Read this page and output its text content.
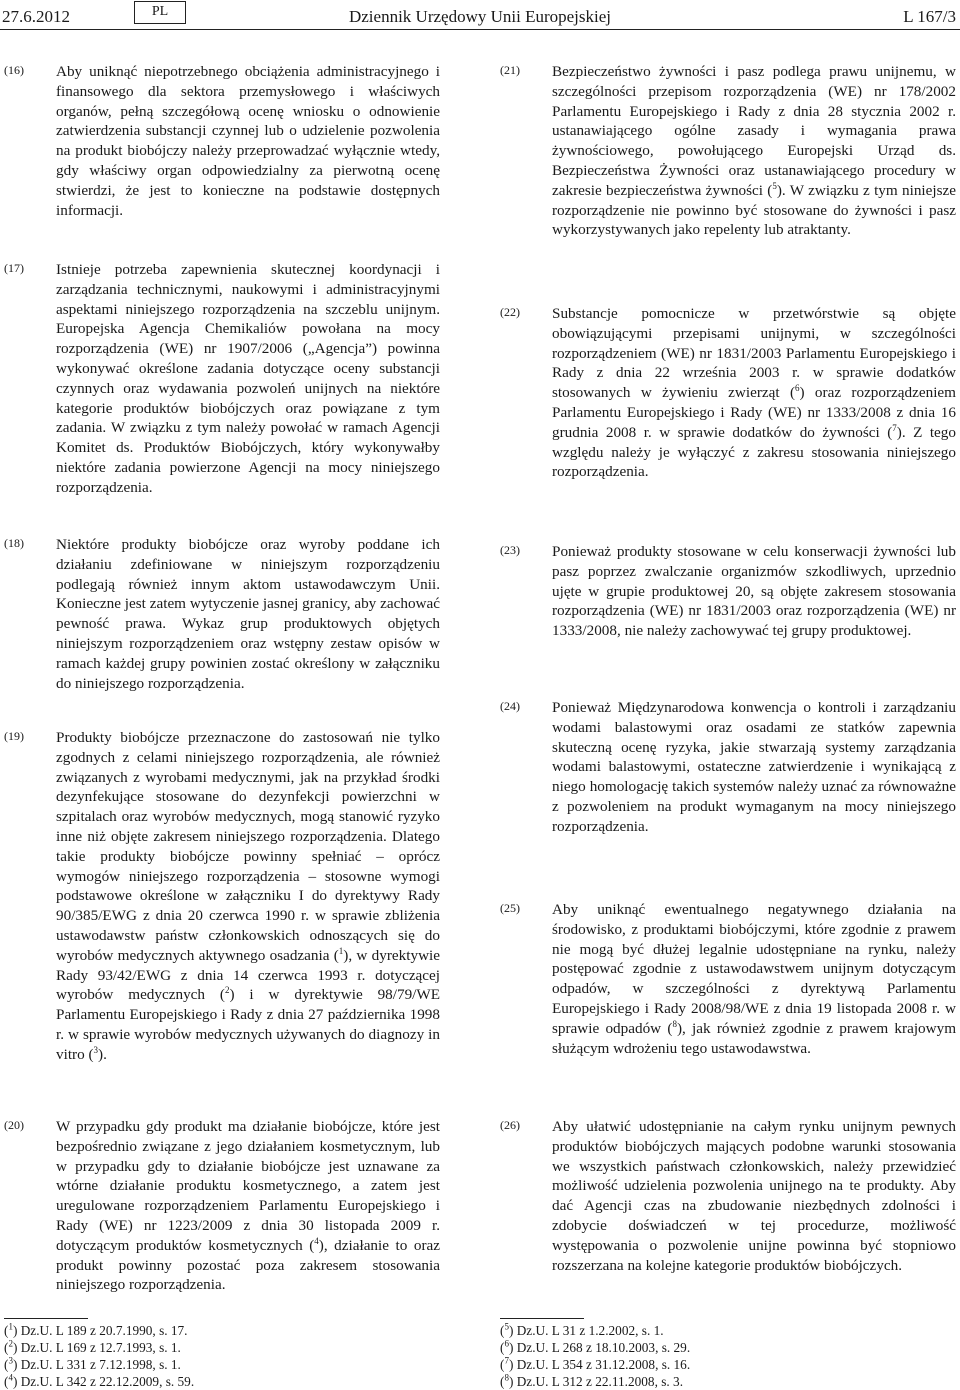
27.6.2012	PL	Dziennik Urzędowy Unii Europejskiej	L 167/3
(16) Aby uniknąć niepotrzebnego obciążenia administracyjnego i finansowego dla sektora przemysłowego i właściwych organów, pełną szczegółową ocenę wniosku o odnowienie zatwierdzenia substancji czynnej lub o udzielenie pozwolenia na produkt biobójczy należy przeprowadzać wyłącznie wtedy, gdy właściwy organ odpowiedzialny za pierwotną ocenę stwierdzi, że jest to konieczne na podstawie dostępnych informacji.
(17) Istnieje potrzeba zapewnienia skutecznej koordynacji i zarządzania technicznymi, naukowymi i administracyjnymi aspektami niniejszego rozporządzenia na szczeblu unijnym. Europejska Agencja Chemikaliów powołana na mocy rozporządzenia (WE) nr 1907/2006 („Agencja”) powinna wykonywać określone zadania dotyczące oceny substancji czynnych oraz wydawania pozwoleń unijnych na niektóre kategorie produktów biobójczych oraz powiązane z tym zadania. W związku z tym należy powołać w ramach Agencji Komitet ds. Produktów Biobójczych, który wykonywałby niektóre zadania powierzone Agencji na mocy niniejszego rozporządzenia.
(18) Niektóre produkty biobójcze oraz wyroby poddane ich działaniu zdefiniowane w niniejszym rozporządzeniu podlegają również innym aktom ustawodawczym Unii. Konieczne jest zatem wytyczenie jasnej granicy, aby zachować pewność prawa. Wykaz grup produktowych objętych niniejszym rozporządzeniem oraz wstępny zestaw opisów w ramach każdej grupy powinien zostać określony w załączniku do niniejszego rozporządzenia.
(19) Produkty biobójcze przeznaczone do zastosowań nie tylko zgodnych z celami niniejszego rozporządzenia, ale również związanych z wyrobami medycznymi, jak na przykład środki dezynfekujące stosowane do dezynfekcji powierzchni w szpitalach oraz wyrobów medycznych, mogą stanowić ryzyko inne niż objęte zakresem niniejszego rozporządzenia. Dlatego takie produkty biobójcze powinny spełniać – oprócz wymogów niniejszego rozporządzenia – stosowne wymogi podstawowe określone w załączniku I do dyrektywy Rady 90/385/EWG z dnia 20 czerwca 1990 r. w sprawie zbliżenia ustawodawstw państw członkowskich odnoszących się do wyrobów medycznych aktywnego osadzania ($^1$), w dyrektywie Rady 93/42/EWG z dnia 14 czerwca 1993 r. dotyczącej wyrobów medycznych ($^2$) i w dyrektywie 98/79/WE Parlamentu Europejskiego i Rady z dnia 27 października 1998 r. w sprawie wyrobów medycznych używanych do diagnozy in vitro ($^3$).
(20) W przypadku gdy produkt ma działanie biobójcze, które jest bezpośrednio związane z jego działaniem kosmetycznym, lub w przypadku gdy to działanie biobójcze jest uznawane za wtórne działanie produktu kosmetycznego, a zatem jest uregulowane rozporządzeniem Parlamentu Europejskiego i Rady (WE) nr 1223/2009 z dnia 30 listopada 2009 r. dotyczącym produktów kosmetycznych ($^4$), działanie to oraz produkt powinny pozostać poza zakresem stosowania niniejszego rozporządzenia.
($^1$) Dz.U. L 189 z 20.7.1990, s. 17.
($^2$) Dz.U. L 169 z 12.7.1993, s. 1.
($^3$) Dz.U. L 331 z 7.12.1998, s. 1.
($^4$) Dz.U. L 342 z 22.12.2009, s. 59.
(21) Bezpieczeństwo żywności i pasz podlega prawu unijnemu, w szczególności przepisom rozporządzenia (WE) nr 178/2002 Parlamentu Europejskiego i Rady z dnia 28 stycznia 2002 r. ustanawiającego ogólne zasady i wymagania prawa żywnościowego, powołującego Europejski Urząd ds. Bezpieczeństwa Żywności oraz ustanawiającego procedury w zakresie bezpieczeństwa żywności ($^5$). W związku z tym niniejsze rozporządzenie nie powinno być stosowane do żywności i pasz wykorzystywanych jako repelenty lub atraktanty.
(22) Substancje pomocnicze w przetwórstwie są objęte obowiązującymi przepisami unijnymi, w szczególności rozporządzeniem (WE) nr 1831/2003 Parlamentu Europejskiego i Rady z dnia 22 września 2003 r. w sprawie dodatków stosowanych w żywieniu zwierząt ($^6$) oraz rozporządzeniem Parlamentu Europejskiego i Rady (WE) nr 1333/2008 z dnia 16 grudnia 2008 r. w sprawie dodatków do żywności ($^7$). Z tego względu należy je wyłączyć z zakresu stosowania niniejszego rozporządzenia.
(23) Ponieważ produkty stosowane w celu konserwacji żywności lub pasz poprzez zwalczanie organizmów szkodliwych, uprzednio ujęte w grupie produktowej 20, są objęte zakresem stosowania rozporządzenia (WE) nr 1831/2003 oraz rozporządzenia (WE) nr 1333/2008, nie należy zachowywać tej grupy produktowej.
(24) Ponieważ Międzynarodowa konwencja o kontroli i zarządzaniu wodami balastowymi oraz osadami ze statków zapewnia skuteczną ocenę ryzyka, jakie stwarzają systemy zarządzania wodami balastowymi, ostateczne zatwierdzenie i wynikającą z niego homologację takich systemów należy uznać za równoważne z pozwoleniem na produkt wymaganym na mocy niniejszego rozporządzenia.
(25) Aby uniknąć ewentualnego negatywnego działania na środowisko, z produktami biobójczymi, które zgodnie z prawem nie mogą być dłużej legalnie udostępniane na rynku, należy postępować zgodnie z ustawodawstwem unijnym dotyczącym odpadów, w szczególności z dyrektywą Parlamentu Europejskiego i Rady 2008/98/WE z dnia 19 listopada 2008 r. w sprawie odpadów ($^8$), jak również zgodnie z prawem krajowym służącym wdrożeniu tego ustawodawstwa.
(26) Aby ułatwić udostępnianie na całym rynku unijnym pewnych produktów biobójczych mających podobne warunki stosowania we wszystkich państwach członkowskich, należy przewidzieć możliwość udzielenia pozwolenia unijnego na te produkty. Aby dać Agencji czas na zbudowanie niezbędnych zdolności i zdobycie doświadczeń w tej procedurze, możliwość występowania o pozwolenie unijne powinna być stopniowo rozszerzana na kolejne kategorie produktów biobójczych.
($^5$) Dz.U. L 31 z 1.2.2002, s. 1.
($^6$) Dz.U. L 268 z 18.10.2003, s. 29.
($^7$) Dz.U. L 354 z 31.12.2008, s. 16.
($^8$) Dz.U. L 312 z 22.11.2008, s. 3.
